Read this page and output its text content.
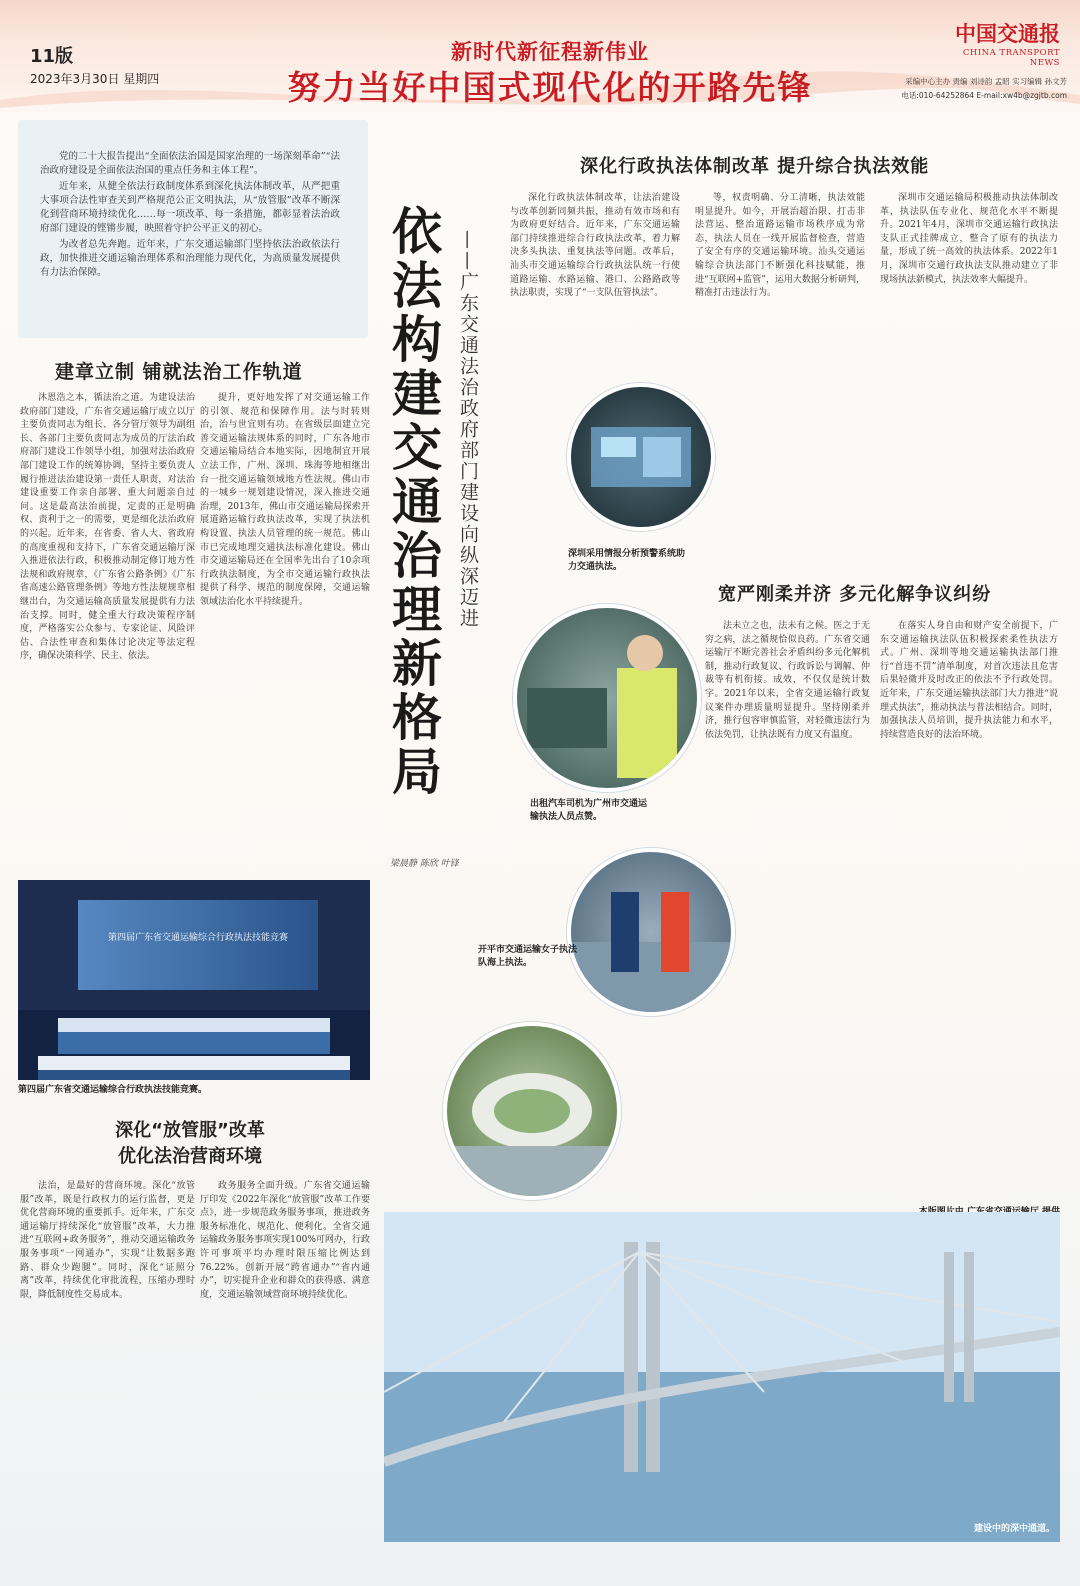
11版
2023年3月30日 星期四
新时代新征程新伟业
努力当好中国式现代化的开路先锋
中国交通报
CHINA TRANSPORT NEWS
采编中心主办 责编 刘诗韵 孟昭 实习编辑 孙文芳
电话:010-64252864 E-mail:xw4b@zgjtb.com

党的二十大报告提出“全面依法治国是国家治理的一场深刻革命”“法治政府建设是全面依法治国的重点任务和主体工程”。

近年来，从健全依法行政制度体系到深化执法体制改革，从严把重大事项合法性审查关到严格规范公正文明执法，从“放管服”改革不断深化到营商环境持续优化……每一项改革、每一条措施，都彰显着法治政府部门建设的铿锵步履，映照着守护公平正义的初心。

为改者总先奔跑。近年来，广东交通运输部门坚持依法治政依法行政，加快推进交通运输治理体系和治理能力现代化，为高质量发展提供有力法治保障。	依法构建交通治理新格局 ——广东交通法治政府部门建设向纵深迈进
梁晨静 陈欣 叶锋
建章立制 铺就法治工作轨道
沐恩浩之本，循法治之道。为建设法治政府部门建设，广东省交通运输厅成立以厅主要负责同志为组长、各分管厅领导为副组长、各部门主要负责同志为成员的厅法治政府部门建设工作领导小组，加强对法治政府部门建设工作的统筹协调，坚持主要负责人履行推进法治建设第一责任人职责，对法治建设重要工作亲自部署、重大问题亲自过问。这是最高法治前提，定责的正是明确权、责利于之一的需要，更是细化法治政府的兴起。近年来，在省委、省人大、省政府的高度重视和支持下，广东省交通运输厅深入推进依法行政，积极推动制定修订地方性法规和政府规章，《广东省公路条例》《广东省高速公路管理条例》等地方性法规规章相继出台，为交通运输高质量发展提供有力法治支撑。同时，健全重大行政决策程序制度，严格落实公众参与、专家论证、风险评估、合法性审查和集体讨论决定等法定程序，确保决策科学、民主、依法。
提升，更好地发挥了对交通运输工作的引领、规范和保障作用。法与时转则治，治与世宜则有功。在省级层面建立完善交通运输法规体系的同时，广东各地市交通运输局结合本地实际，因地制宜开展立法工作，广州、深圳、珠海等地相继出台一批交通运输领域地方性法规。佛山市的一城乡一规划建设情况，深入推进交通治理，2013年，佛山市交通运输局探索开展道路运输行政执法改革，实现了执法机构设置、执法人员管理的统一规范。佛山市已完成地理交通执法标准化建设。佛山市交通运输局还在全国率先出台了10余项行政执法制度，为全市交通运输行政执法提供了科学、规范的制度保障，交通运输领域法治化水平持续提升。
第四届广东省交通运输综合行政执法技能竞赛
第四届广东省交通运输综合行政执法技能竞赛。
深化“放管服”改革
优化法治营商环境
法治，是最好的营商环境。深化“放管服”改革，既是行政权力的运行监督，更是优化营商环境的重要抓手。近年来，广东交通运输厅持续深化“放管服”改革，大力推进“互联网+政务服务”，推动交通运输政务服务事项“一网通办”，实现“让数据多跑路、群众少跑腿”。同时，深化“证照分离”改革，持续优化审批流程，压缩办理时限，降低制度性交易成本。
政务服务全面升级。广东省交通运输厅印发《2022年深化“放管服”改革工作要点》，进一步规范政务服务事项，推进政务服务标准化、规范化、便利化。全省交通运输政务服务事项实现100%可网办，行政许可事项平均办理时限压缩比例达到76.22%。创新开展“跨省通办”“省内通办”，切实提升企业和群众的获得感、满意度，交通运输领域营商环境持续优化。
深化行政执法体制改革 提升综合执法效能
深化行政执法体制改革，让法治建设与改革创新同频共振，推动有效市场和有为政府更好结合。近年来，广东交通运输部门持续推进综合行政执法改革，着力解决多头执法、重复执法等问题。改革后，汕头市交通运输综合行政执法队统一行使道路运输、水路运输、港口、公路路政等执法职责，实现了“一支队伍管执法”。
等，权责明确、分工清晰，执法效能明显提升。如今，开展治超治限、打击非法营运、整治道路运输市场秩序成为常态，执法人员在一线开展监督检查，营造了安全有序的交通运输环境。汕头交通运输综合执法部门不断强化科技赋能，推进“互联网+监管”，运用大数据分析研判，精准打击违法行为。
深圳市交通运输局积极推动执法体制改革，执法队伍专业化、规范化水平不断提升。2021年4月，深圳市交通运输行政执法支队正式挂牌成立，整合了原有的执法力量，形成了统一高效的执法体系。2022年1月，深圳市交通行政执法支队推动建立了非现场执法新模式，执法效率大幅提升。
深圳采用情报分析预警系统助力交通执法。
出租汽车司机为广州市交通运输执法人员点赞。
宽严刚柔并济 多元化解争议纠纷
法未立之也，法未有之候。医之于无穷之病，法之循规恰似良药。广东省交通运输厅不断完善社会矛盾纠纷多元化解机制，推动行政复议、行政诉讼与调解、仲裁等有机衔接。成效，不仅仅是统计数字。2021年以来，全省交通运输行政复议案件办理质量明显提升。坚持刚柔并济，推行包容审慎监管，对轻微违法行为依法免罚，让执法既有力度又有温度。
在落实人身自由和财产安全前提下，广东交通运输执法队伍积极探索柔性执法方式。广州、深圳等地交通运输执法部门推行“首违不罚”清单制度，对首次违法且危害后果轻微并及时改正的依法不予行政处罚。近年来，广东交通运输执法部门大力推进“说理式执法”，推动执法与普法相结合。同时，加强执法人员培训，提升执法能力和水平，持续营造良好的法治环境。
开平市交通运输女子执法队海上执法。
建设中的深中通道。
